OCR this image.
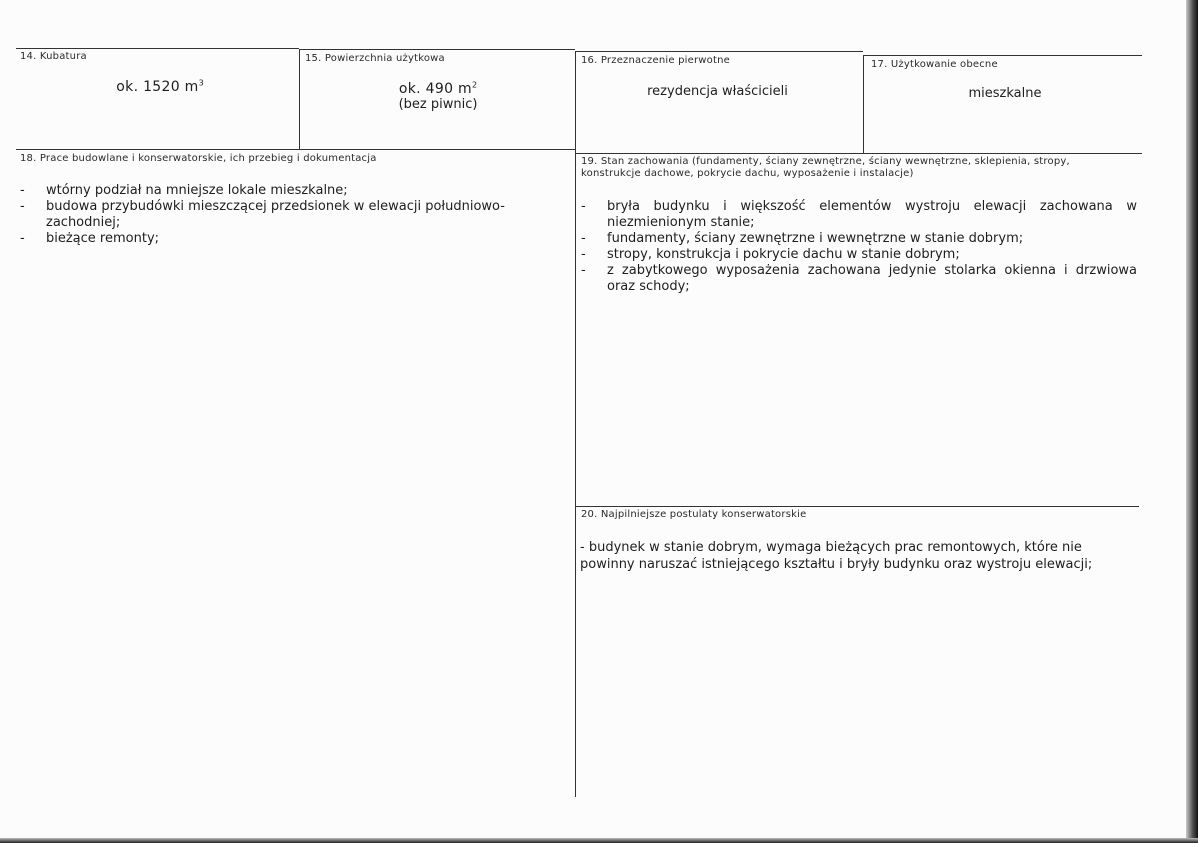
14. Kubatura
ok. 1520 $m^3$
15. Powierzchnia użytkowa
ok. 490 $m^2$
(bez piwnic)
16. Przeznaczenie pierwotne
rezydencja właścicieli
17. Użytkowanie obecne
mieszkalne
18. Prace budowlane i konserwatorskie, ich przebieg i dokumentacja
- wtórny podział na mniejsze lokale mieszkalne;
- budowa przybudówki mieszczącej przedsionek w elewacji południowo-zachodniej;
- bieżące remonty;
19. Stan zachowania (fundamenty, ściany zewnętrzne, ściany wewnętrzne, sklepienia, stropy, konstrukcje dachowe, pokrycie dachu, wyposażenie i instalacje)
- bryła budynku i większość elementów wystroju elewacji zachowana w niezmienionym stanie;
- fundamenty, ściany zewnętrzne i wewnętrzne w stanie dobrym;
- stropy, konstrukcja i pokrycie dachu w stanie dobrym;
- z zabytkowego wyposażenia zachowana jedynie stolarka okienna i drzwiowa oraz schody;
20. Najpilniejsze postulaty konserwatorskie
- budynek w stanie dobrym, wymaga bieżących prac remontowych, które nie powinny naruszać istniejącego kształtu i bryły budynku oraz wystroju elewacji;
